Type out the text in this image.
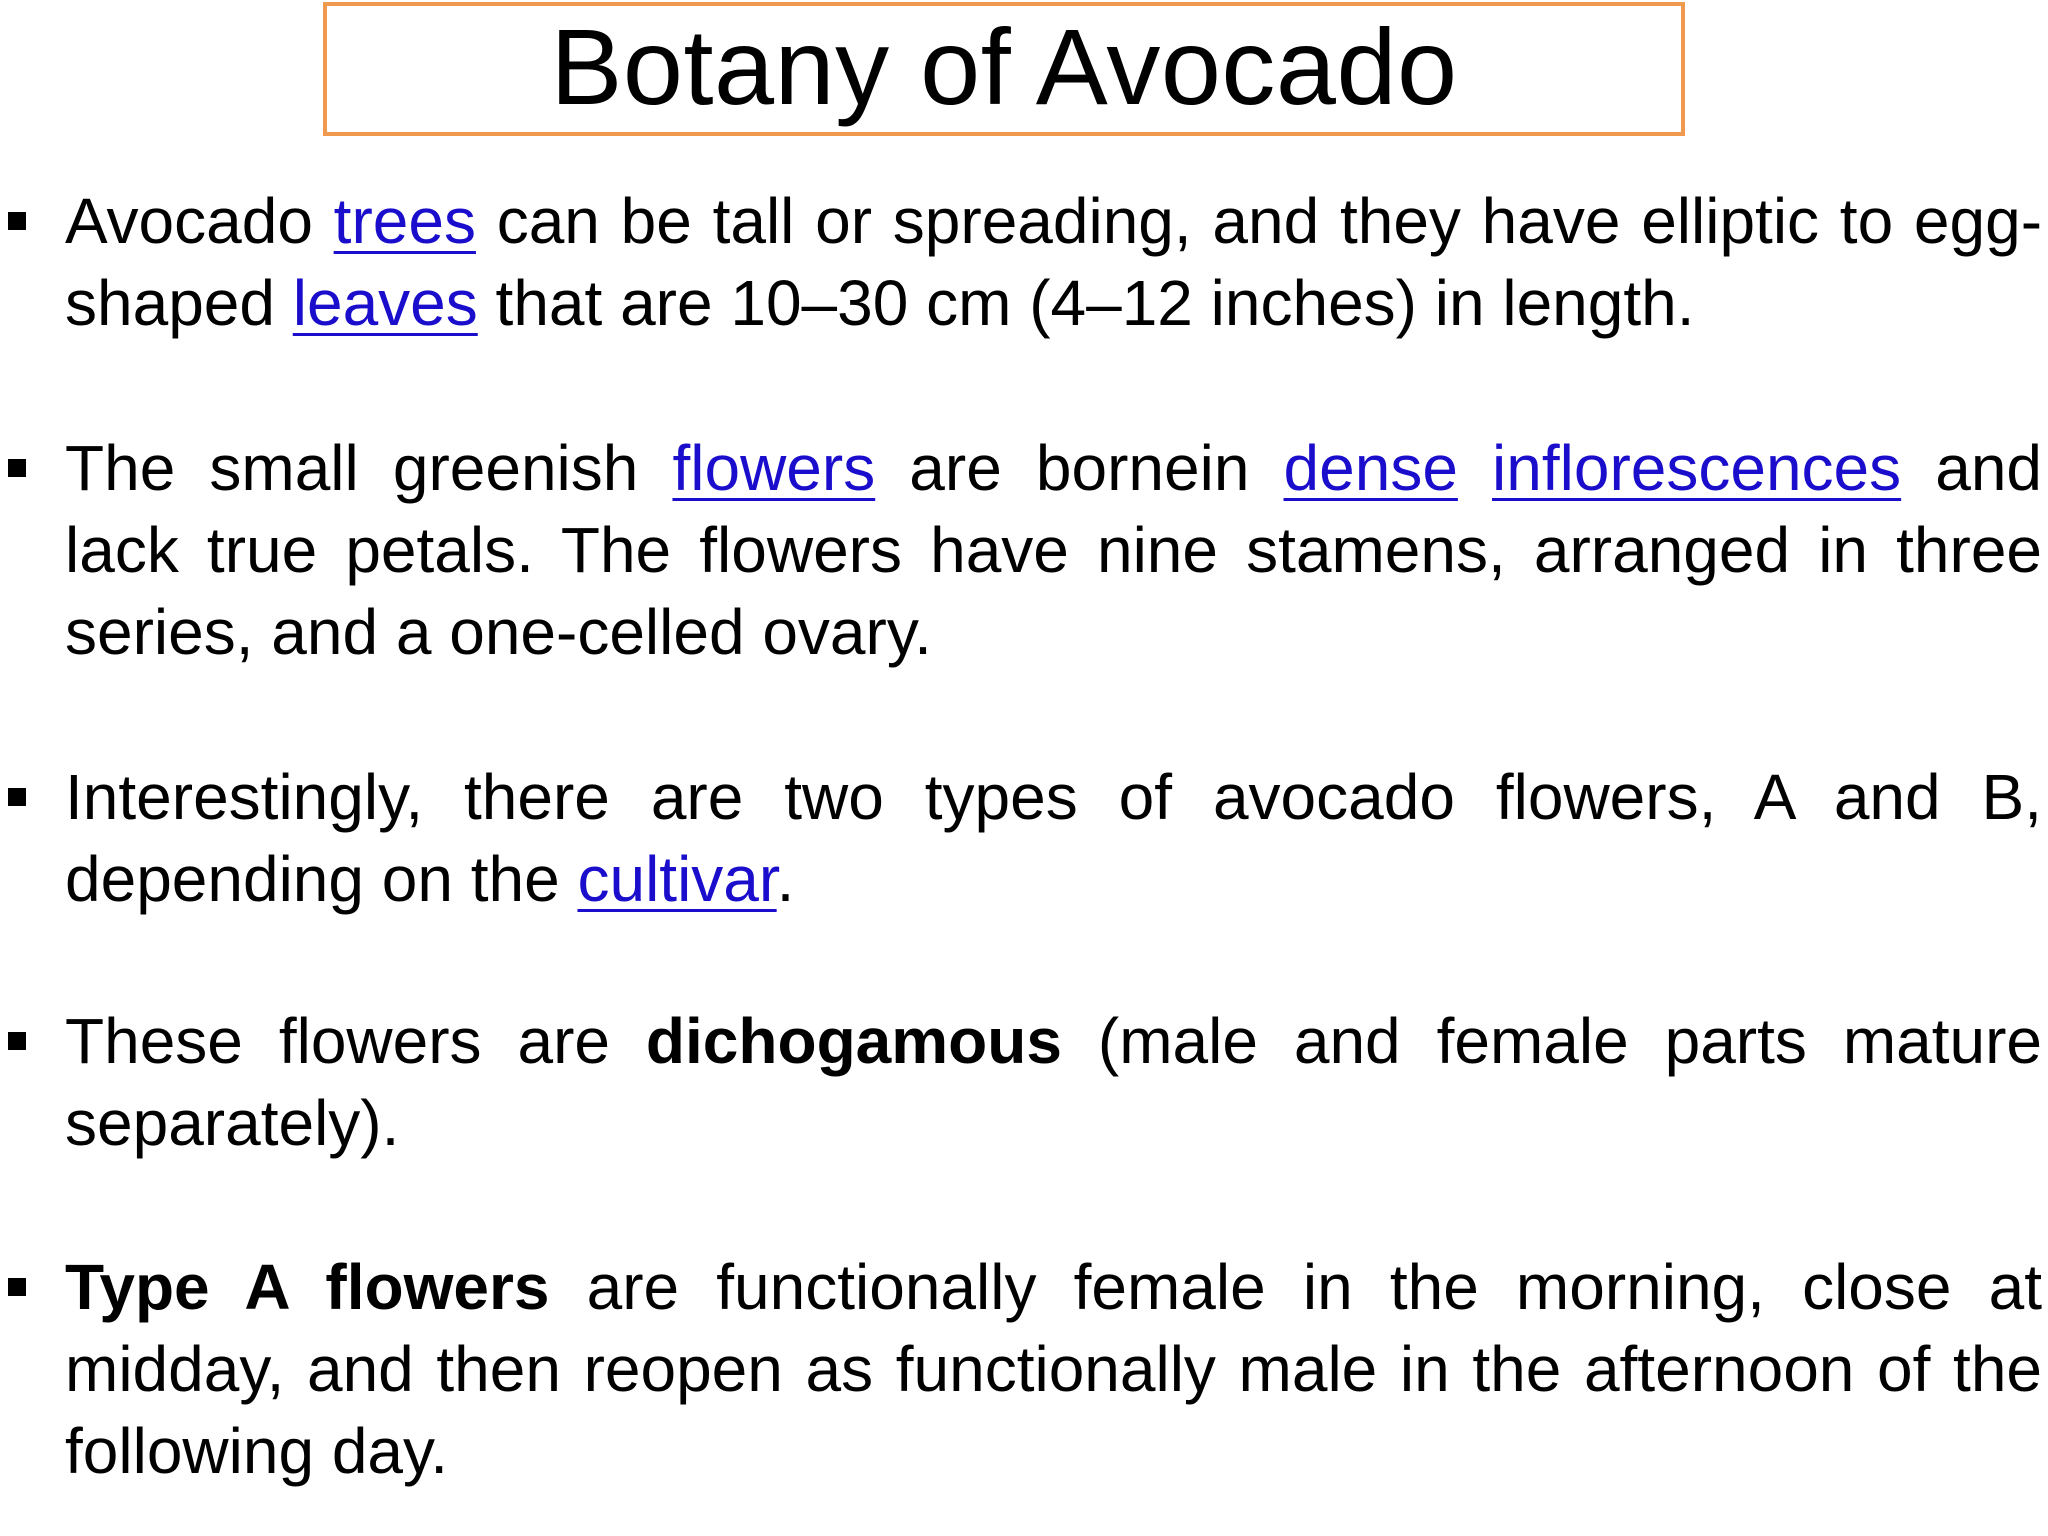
Botany of Avocado
Avocado trees can be tall or spreading, and they have elliptic to egg-shaped leaves that are 10–30 cm (4–12 inches) in length.
The small greenish flowers are bornein dense inflorescences and lack true petals. The flowers have nine stamens, arranged in three series, and a one-celled ovary.
Interestingly, there are two types of avocado flowers, A and B, depending on the cultivar.
These flowers are dichogamous (male and female parts mature separately).
Type A flowers are functionally female in the morning, close at midday, and then reopen as functionally male in the afternoon of the following day.
